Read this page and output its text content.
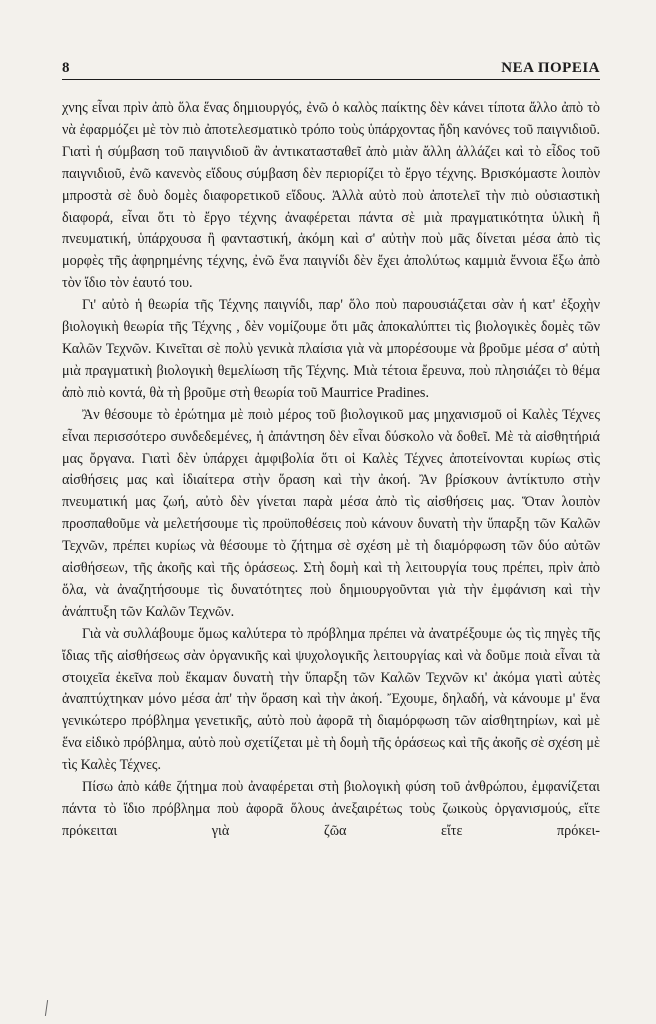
8	ΝΕΑ ΠΟΡΕΙΑ

χνης εἶναι πρὶν ἀπὸ ὅλα ἕνας δημιουργός, ἐνῶ ὁ καλὸς παίκτης δὲν κάνει τίποτα ἄλλο ἀπὸ τὸ νὰ ἐφαρμόζει μὲ τὸν πιὸ ἀποτελεσματικὸ τρόπο τοὺς ὑπάρχοντας ἤδη κανόνες τοῦ παιγνιδιοῦ. Γιατὶ ἡ σύμβαση τοῦ παιγνιδιοῦ ἂν ἀντικατασταθεῖ ἀπὸ μιὰν ἄλλη ἀλλάζει καὶ τὸ εἶδος τοῦ παιγνιδιοῦ, ἐνῶ κανενὸς εἴδους σύμβαση δὲν περιορίζει τὸ ἔργο τέχνης. Βρισκόμαστε λοιπὸν μπροστὰ σὲ δυὸ δομὲς διαφορετικοῦ εἴδους. Ἀλλὰ αὐτὸ ποὺ ἀποτελεῖ τὴν πιὸ οὐσιαστικὴ διαφορά, εἶναι ὅτι τὸ ἔργο τέχνης ἀναφέρεται πάντα σὲ μιὰ πραγματικότητα ὑλικὴ ἢ πνευματική, ὑπάρχουσα ἢ φανταστική, ἀκόμη καὶ σ' αὐτὴν ποὺ μᾶς δίνεται μέσα ἀπὸ τὶς μορφὲς τῆς ἀφηρημένης τέχνης, ἐνῶ ἕνα παιγνίδι δὲν ἔχει ἀπολύτως καμμιὰ ἔννοια ἔξω ἀπὸ τὸν ἴδιο τὸν ἑαυτό του.

Γι' αὐτὸ ἡ θεωρία τῆς Τέχνης παιγνίδι, παρ' ὅλο ποὺ παρουσιάζεται σὰν ἡ κατ' ἐξοχὴν βιολογικὴ θεωρία τῆς Τέχνης , δὲν νομίζουμε ὅτι μᾶς ἀποκαλύπτει τὶς βιολογικὲς δομὲς τῶν Καλῶν Τεχνῶν. Κινεῖται σὲ πολὺ γενικὰ πλαίσια γιὰ νὰ μπορέσουμε νὰ βροῦμε μέσα σ' αὐτὴ μιὰ πραγματικὴ βιολογικὴ θεμελίωση τῆς Τέχνης. Μιὰ τέτοια ἔρευνα, ποὺ πλησιάζει τὸ θέμα ἀπὸ πιὸ κοντά, θὰ τὴ βροῦμε στὴ θεωρία τοῦ Maurrice Pradines.

Ἂν θέσουμε τὸ ἐρώτημα μὲ ποιὸ μέρος τοῦ βιολογικοῦ μας μηχανισμοῦ οἱ Καλὲς Τέχνες εἶναι περισσότερο συνδεδεμένες, ἡ ἀπάντηση δὲν εἶναι δύσκολο νὰ δοθεῖ. Μὲ τὰ αἰσθητήριά μας ὄργανα. Γιατὶ δὲν ὑπάρχει ἀμφιβολία ὅτι οἱ Καλὲς Τέχνες ἀποτείνονται κυρίως στὶς αἰσθήσεις μας καὶ ἰδιαίτερα στὴν ὅραση καὶ τὴν ἀκοή. Ἂν βρίσκουν ἀντίκτυπο στὴν πνευματική μας ζωή, αὐτὸ δὲν γίνεται παρὰ μέσα ἀπὸ τὶς αἰσθήσεις μας. Ὅταν λοιπὸν προσπαθοῦμε νὰ μελετήσουμε τὶς προϋποθέσεις ποὺ κάνουν δυνατὴ τὴν ὕπαρξη τῶν Καλῶν Τεχνῶν, πρέπει κυρίως νὰ θέσουμε τὸ ζήτημα σὲ σχέση μὲ τὴ διαμόρφωση τῶν δύο αὐτῶν αἰσθήσεων, τῆς ἀκοῆς καὶ τῆς ὁράσεως. Στὴ δομὴ καὶ τὴ λειτουργία τους πρέπει, πρὶν ἀπὸ ὅλα, νὰ ἀναζητήσουμε τὶς δυνατότητες ποὺ δημιουργοῦνται γιὰ τὴν ἐμφάνιση καὶ τὴν ἀνάπτυξη τῶν Καλῶν Τεχνῶν.

Γιὰ νὰ συλλάβουμε ὅμως καλύτερα τὸ πρόβλημα πρέπει νὰ ἀνατρέξουμε ὡς τὶς πηγὲς τῆς ἴδιας τῆς αἰσθήσεως σὰν ὀργανικῆς καὶ ψυχολογικῆς λειτουργίας καὶ νὰ δοῦμε ποιὰ εἶναι τὰ στοιχεῖα ἐκεῖνα ποὺ ἔκαμαν δυνατὴ τὴν ὕπαρξη τῶν Καλῶν Τεχνῶν κι' ἀκόμα γιατὶ αὐτὲς ἀναπτύχτηκαν μόνο μέσα ἀπ' τὴν ὅραση καὶ τὴν ἀκοή. Ἔχουμε, δηλαδή, νὰ κάνουμε μ' ἕνα γενικώτερο πρόβλημα γενετικῆς, αὐτὸ ποὺ ἀφορᾶ τὴ διαμόρφωση τῶν αἰσθητηρίων, καὶ μὲ ἕνα εἰδικὸ πρόβλημα, αὐτὸ ποὺ σχετίζεται μὲ τὴ δομὴ τῆς ὁράσεως καὶ τῆς ἀκοῆς σὲ σχέση μὲ τὶς Καλὲς Τέχνες.

Πίσω ἀπὸ κάθε ζήτημα ποὺ ἀναφέρεται στὴ βιολογικὴ φύση τοῦ ἀνθρώπου, ἐμφανίζεται πάντα τὸ ἴδιο πρόβλημα ποὺ ἀφορᾶ ὅλους ἀνεξαιρέτως τοὺς ζωικοὺς ὀργανισμούς, εἴτε πρόκειται γιὰ ζῶα εἴτε πρόκει-
